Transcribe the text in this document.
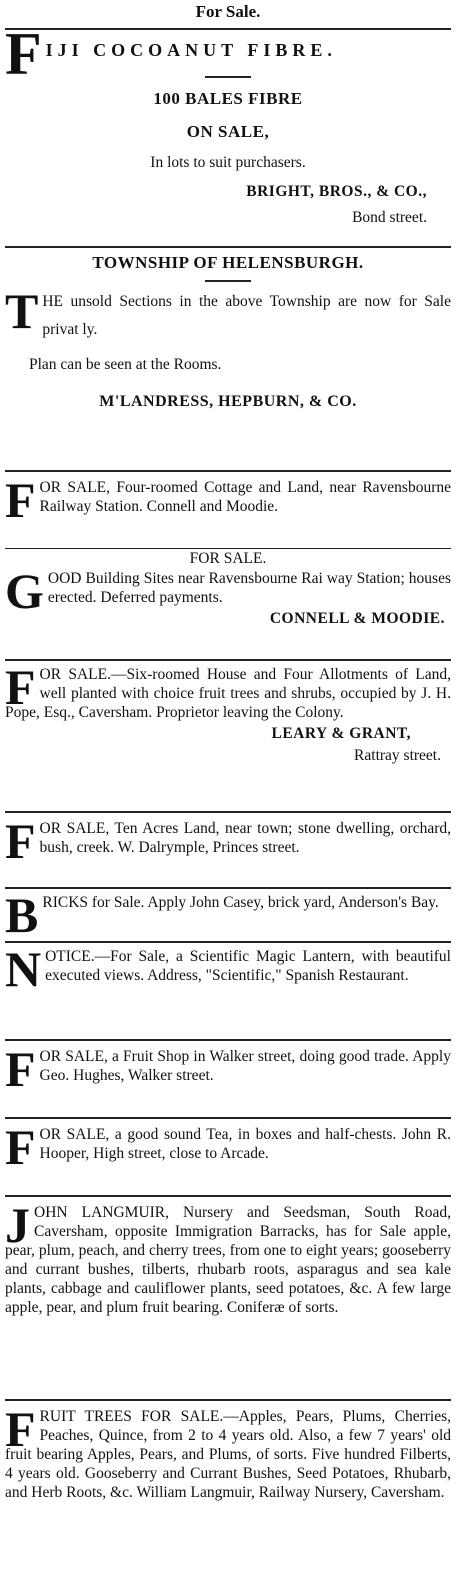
For Sale.
F IJI COCOANUT FIBRE.
100 BALES FIBRE
ON SALE,
In lots to suit purchasers.
BRIGHT, BROS., & CO.,
Bond street.
TOWNSHIP OF HELENSBURGH.
T HE unsold Sections in the above Township are now for Sale privat ly.

Plan can be seen at the Rooms.
M'LANDRESS, HEPBURN, & CO.
F OR SALE, Four-roomed Cottage and Land, near Ravensbourne Railway Station. Connell and Moodie.

FOR SALE.
G OOD Building Sites near Ravensbourne Rai way Station; houses erected. Deferred payments.

CONNELL & MOODIE.
F OR SALE.—Six-roomed House and Four Allotments of Land, well planted with choice fruit trees and shrubs, occupied by J. H. Pope, Esq., Caversham. Proprietor leaving the Colony.

LEARY & GRANT,
Rattray street.
F OR SALE, Ten Acres Land, near town; stone dwelling, orchard, bush, creek. W. Dalrymple, Princes street.

B RICKS for Sale. Apply John Casey, brick yard, Anderson's Bay.

N OTICE.—For Sale, a Scientific Magic Lantern, with beautiful executed views. Address, "Scientific," Spanish Restaurant.

F OR SALE, a Fruit Shop in Walker street, doing good trade. Apply Geo. Hughes, Walker street.

F OR SALE, a good sound Tea, in boxes and half-chests. John R. Hooper, High street, close to Arcade.

J OHN LANGMUIR, Nursery and Seedsman, South Road, Caversham, opposite Immigration Barracks, has for Sale apple, pear, plum, peach, and cherry trees, from one to eight years; gooseberry and currant bushes, tilberts, rhubarb roots, asparagus and sea kale plants, cabbage and cauliflower plants, seed potatoes, &c. A few large apple, pear, and plum fruit bearing. Coniferæ of sorts.

F RUIT TREES FOR SALE.—Apples, Pears, Plums, Cherries, Peaches, Quince, from 2 to 4 years old. Also, a few 7 years' old fruit bearing Apples, Pears, and Plums, of sorts. Five hundred Filberts, 4 years old. Gooseberry and Currant Bushes, Seed Potatoes, Rhubarb, and Herb Roots, &c. William Langmuir, Railway Nursery, Caversham.
